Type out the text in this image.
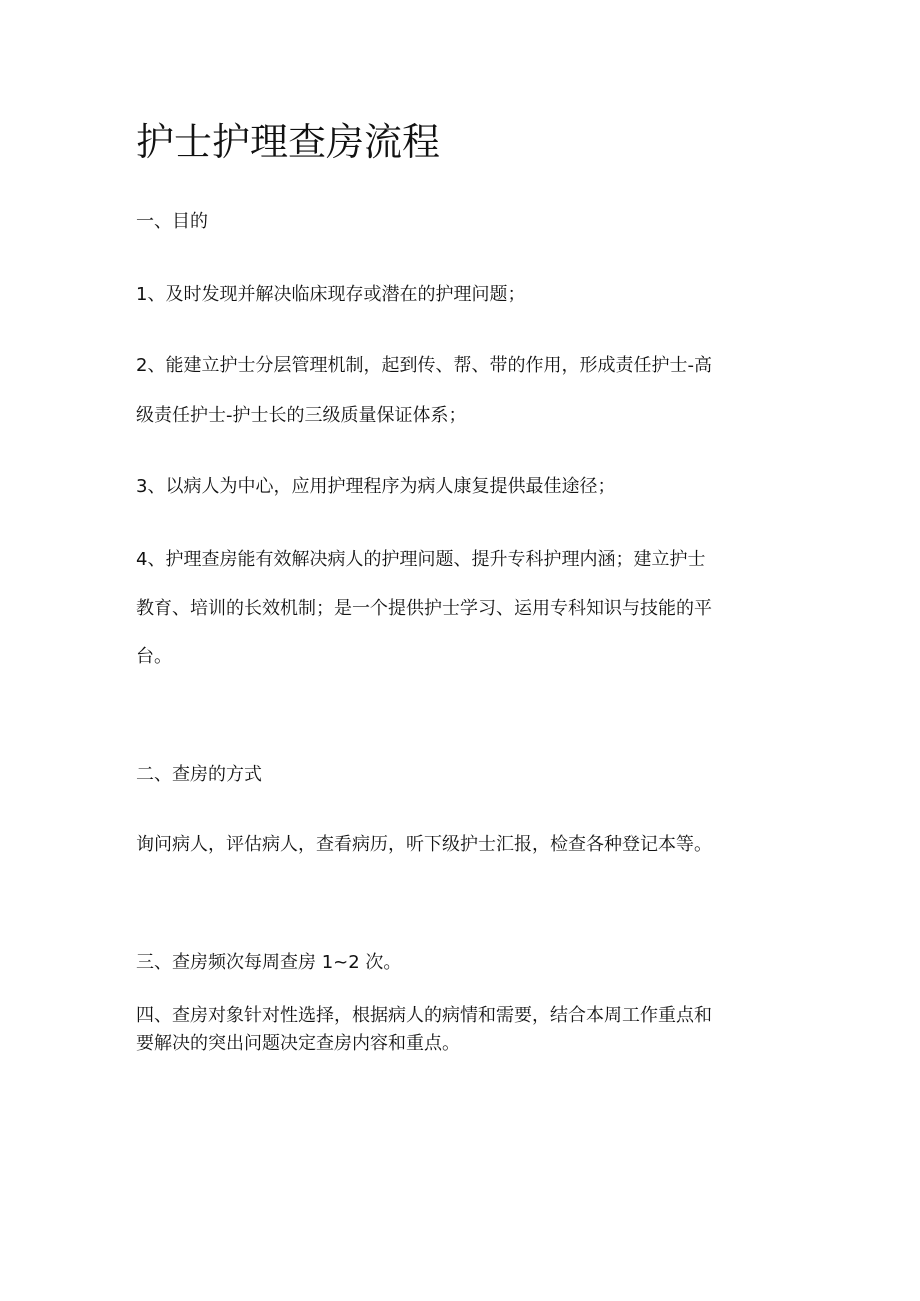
护士护理查房流程
一、目的
1、及时发现并解决临床现存或潜在的护理问题；
2、能建立护士分层管理机制，起到传、帮、带的作用，形成责任护士-高
级责任护士-护士长的三级质量保证体系；
3、以病人为中心，应用护理程序为病人康复提供最佳途径；
4、护理查房能有效解决病人的护理问题、提升专科护理内涵；建立护士
教育、培训的长效机制；是一个提供护士学习、运用专科知识与技能的平
台。
二、查房的方式
询问病人，评估病人，查看病历，听下级护士汇报，检查各种登记本等。
三、查房频次每周查房 1~2 次。
四、查房对象针对性选择，根据病人的病情和需要，结合本周工作重点和
要解决的突出问题决定查房内容和重点。
